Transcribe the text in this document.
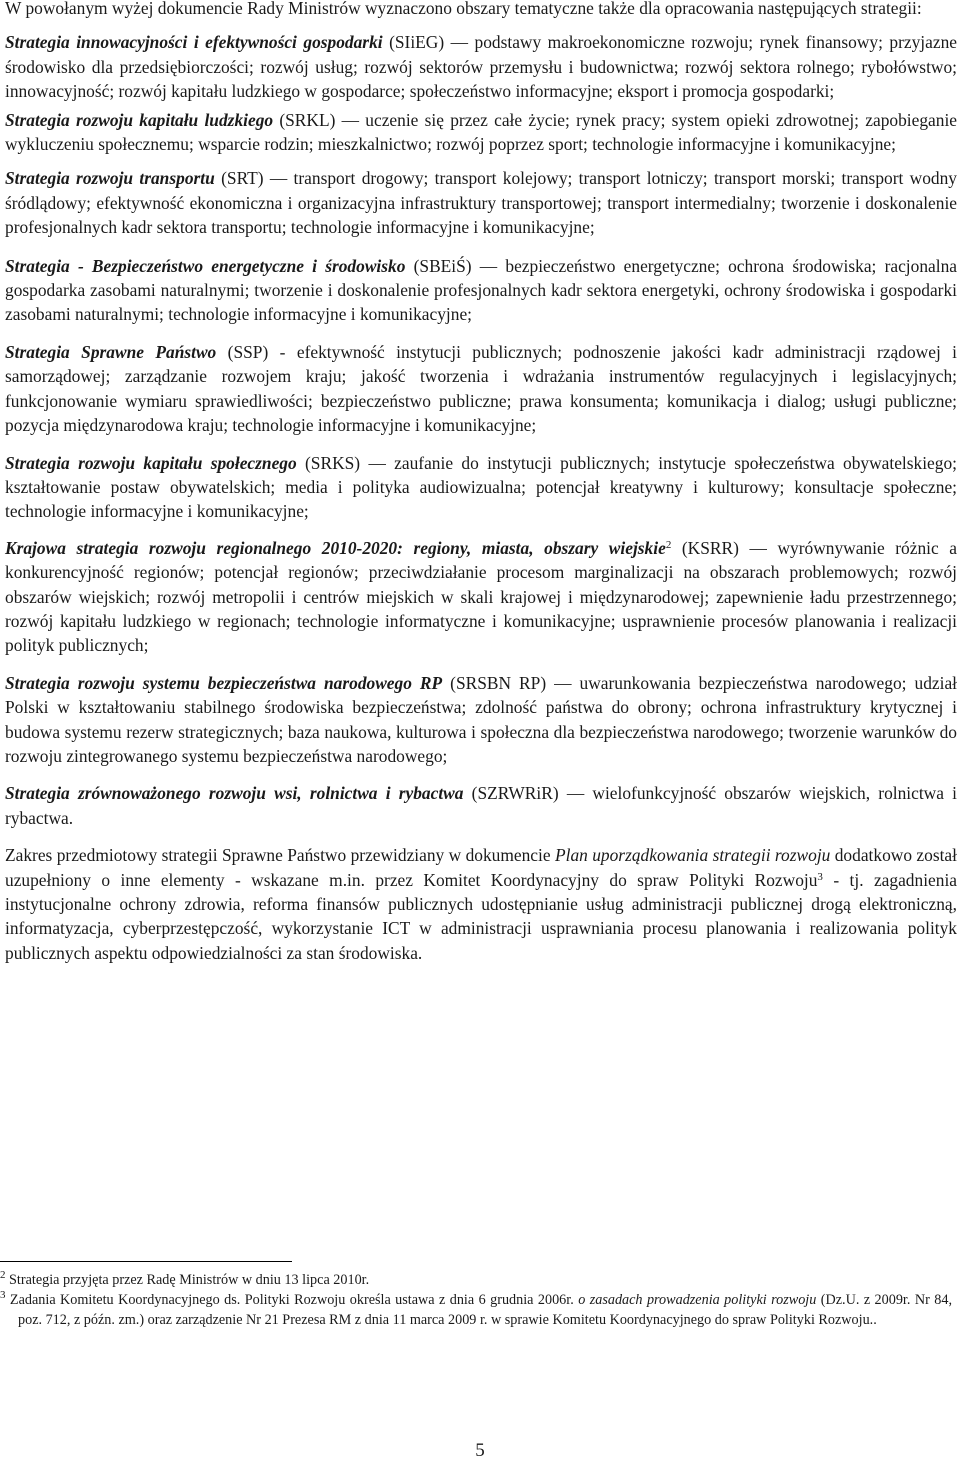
W powołanym wyżej dokumencie Rady Ministrów wyznaczono obszary tematyczne także dla opracowania następujących strategii:

Strategia innowacyjności i efektywności gospodarki (SIiEG) ― podstawy makroekonomiczne rozwoju; rynek finansowy; przyjazne środowisko dla przedsiębiorczości; rozwój usług; rozwój sektorów przemysłu i budownictwa; rozwój sektora rolnego; rybołówstwo; innowacyjność; rozwój kapitału ludzkiego w gospodarce; społeczeństwo informacyjne; eksport i promocja gospodarki;

Strategia rozwoju kapitału ludzkiego (SRKL) ― uczenie się przez całe życie; rynek pracy; system opieki zdrowotnej; zapobieganie wykluczeniu społecznemu; wsparcie rodzin; mieszkalnictwo; rozwój poprzez sport; technologie informacyjne i komunikacyjne;

Strategia rozwoju transportu (SRT) ― transport drogowy; transport kolejowy; transport lotniczy; transport morski; transport wodny śródlądowy; efektywność ekonomiczna i organizacyjna infrastruktury transportowej; transport intermedialny; tworzenie i doskonalenie profesjonalnych kadr sektora transportu; technologie informacyjne i komunikacyjne;

Strategia - Bezpieczeństwo energetyczne i środowisko (SBEiŚ) ― bezpieczeństwo energetyczne; ochrona środowiska; racjonalna gospodarka zasobami naturalnymi; tworzenie i doskonalenie profesjonalnych kadr sektora energetyki, ochrony środowiska i gospodarki zasobami naturalnymi; technologie informacyjne i komunikacyjne;

Strategia Sprawne Państwo (SSP) - efektywność instytucji publicznych; podnoszenie jakości kadr administracji rządowej i samorządowej; zarządzanie rozwojem kraju; jakość tworzenia i wdrażania instrumentów regulacyjnych i legislacyjnych; funkcjonowanie wymiaru sprawiedliwości; bezpieczeństwo publiczne; prawa konsumenta; komunikacja i dialog; usługi publiczne; pozycja międzynarodowa kraju; technologie informacyjne i komunikacyjne;

Strategia rozwoju kapitału społecznego (SRKS) ― zaufanie do instytucji publicznych; instytucje społeczeństwa obywatelskiego; kształtowanie postaw obywatelskich; media i polityka audiowizualna; potencjał kreatywny i kulturowy; konsultacje społeczne; technologie informacyjne i komunikacyjne;

Krajowa strategia rozwoju regionalnego 2010-2020: regiony, miasta, obszary wiejskie$^2$ (KSRR) ― wyrównywanie różnic a konkurencyjność regionów; potencjał regionów; przeciwdziałanie procesom marginalizacji na obszarach problemowych; rozwój obszarów wiejskich; rozwój metropolii i centrów miejskich w skali krajowej i międzynarodowej; zapewnienie ładu przestrzennego; rozwój kapitału ludzkiego w regionach; technologie informatyczne i komunikacyjne; usprawnienie procesów planowania i realizacji polityk publicznych;

Strategia rozwoju systemu bezpieczeństwa narodowego RP (SRSBN RP) ― uwarunkowania bezpieczeństwa narodowego; udział Polski w kształtowaniu stabilnego środowiska bezpieczeństwa; zdolność państwa do obrony; ochrona infrastruktury krytycznej i budowa systemu rezerw strategicznych; baza naukowa, kulturowa i społeczna dla bezpieczeństwa narodowego; tworzenie warunków do rozwoju zintegrowanego systemu bezpieczeństwa narodowego;

Strategia zrównoważonego rozwoju wsi, rolnictwa i rybactwa (SZRWRiR) ― wielofunkcyjność obszarów wiejskich, rolnictwa i rybactwa.

Zakres przedmiotowy strategii Sprawne Państwo przewidziany w dokumencie Plan uporządkowania strategii rozwoju dodatkowo został uzupełniony o inne elementy - wskazane m.in. przez Komitet Koordynacyjny do spraw Polityki Rozwoju$^3$ - tj. zagadnienia instytucjonalne ochrony zdrowia, reforma finansów publicznych udostępnianie usług administracji publicznej drogą elektroniczną, informatyzacja, cyberprzestępczość, wykorzystanie ICT w administracji usprawniania procesu planowania i realizowania polityk publicznych aspektu odpowiedzialności za stan środowiska.

$^2$ Strategia przyjęta przez Radę Ministrów w dniu 13 lipca 2010r.

$^3$ Zadania Komitetu Koordynacyjnego ds. Polityki Rozwoju określa ustawa z dnia 6 grudnia 2006r. o zasadach prowadzenia polityki rozwoju (Dz.U. z 2009r. Nr 84, poz. 712, z późn. zm.) oraz zarządzenie Nr 21 Prezesa RM z dnia 11 marca 2009 r. w sprawie Komitetu Koordynacyjnego do spraw Polityki Rozwoju..

5
